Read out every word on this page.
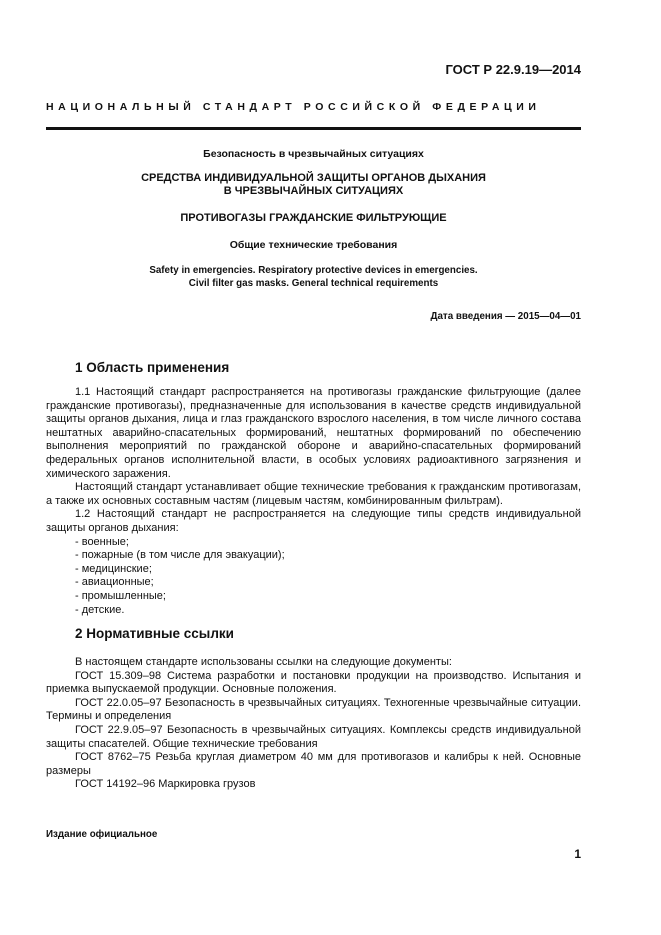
ГОСТ Р 22.9.19—2014
НАЦИОНАЛЬНЫЙ СТАНДАРТ РОССИЙСКОЙ ФЕДЕРАЦИИ
Безопасность в чрезвычайных ситуациях
СРЕДСТВА ИНДИВИДУАЛЬНОЙ ЗАЩИТЫ ОРГАНОВ ДЫХАНИЯ
В ЧРЕЗВЫЧАЙНЫХ СИТУАЦИЯХ
ПРОТИВОГАЗЫ ГРАЖДАНСКИЕ ФИЛЬТРУЮЩИЕ
Общие технические требования
Safety in emergencies. Respiratory protective devices in emergencies.
Civil filter gas masks. General technical requirements
Дата введения — 2015—04—01
1 Область применения

1.1 Настоящий стандарт распространяется на противогазы гражданские фильтрующие (далее гражданские противогазы), предназначенные для использования в качестве средств индивидуальной защиты органов дыхания, лица и глаз гражданского взрослого населения, в том числе личного состава нештатных аварийно-спасательных формирований, нештатных формирований по обеспечению выполнения мероприятий по гражданской обороне и аварийно-спасательных формирований федеральных органов исполнительной власти, в особых условиях радиоактивного загрязнения и химического заражения.

Настоящий стандарт устанавливает общие технические требования к гражданским противогазам, а также их основных составным частям (лицевым частям, комбинированным фильтрам).

1.2 Настоящий стандарт не распространяется на следующие типы средств индивидуальной защиты органов дыхания:

- военные;

- пожарные (в том числе для эвакуации);

- медицинские;

- авиационные;

- промышленные;

- детские.

2 Нормативные ссылки

В настоящем стандарте использованы ссылки на следующие документы:

ГОСТ 15.309–98 Система разработки и постановки продукции на производство. Испытания и приемка выпускаемой продукции. Основные положения.

ГОСТ 22.0.05–97 Безопасность в чрезвычайных ситуациях. Техногенные чрезвычайные ситуации. Термины и определения

ГОСТ 22.9.05–97 Безопасность в чрезвычайных ситуациях. Комплексы средств индивидуальной защиты спасателей. Общие технические требования

ГОСТ 8762–75 Резьба круглая диаметром 40 мм для противогазов и калибры к ней. Основные размеры

ГОСТ 14192–96 Маркировка грузов

Издание официальное
1
